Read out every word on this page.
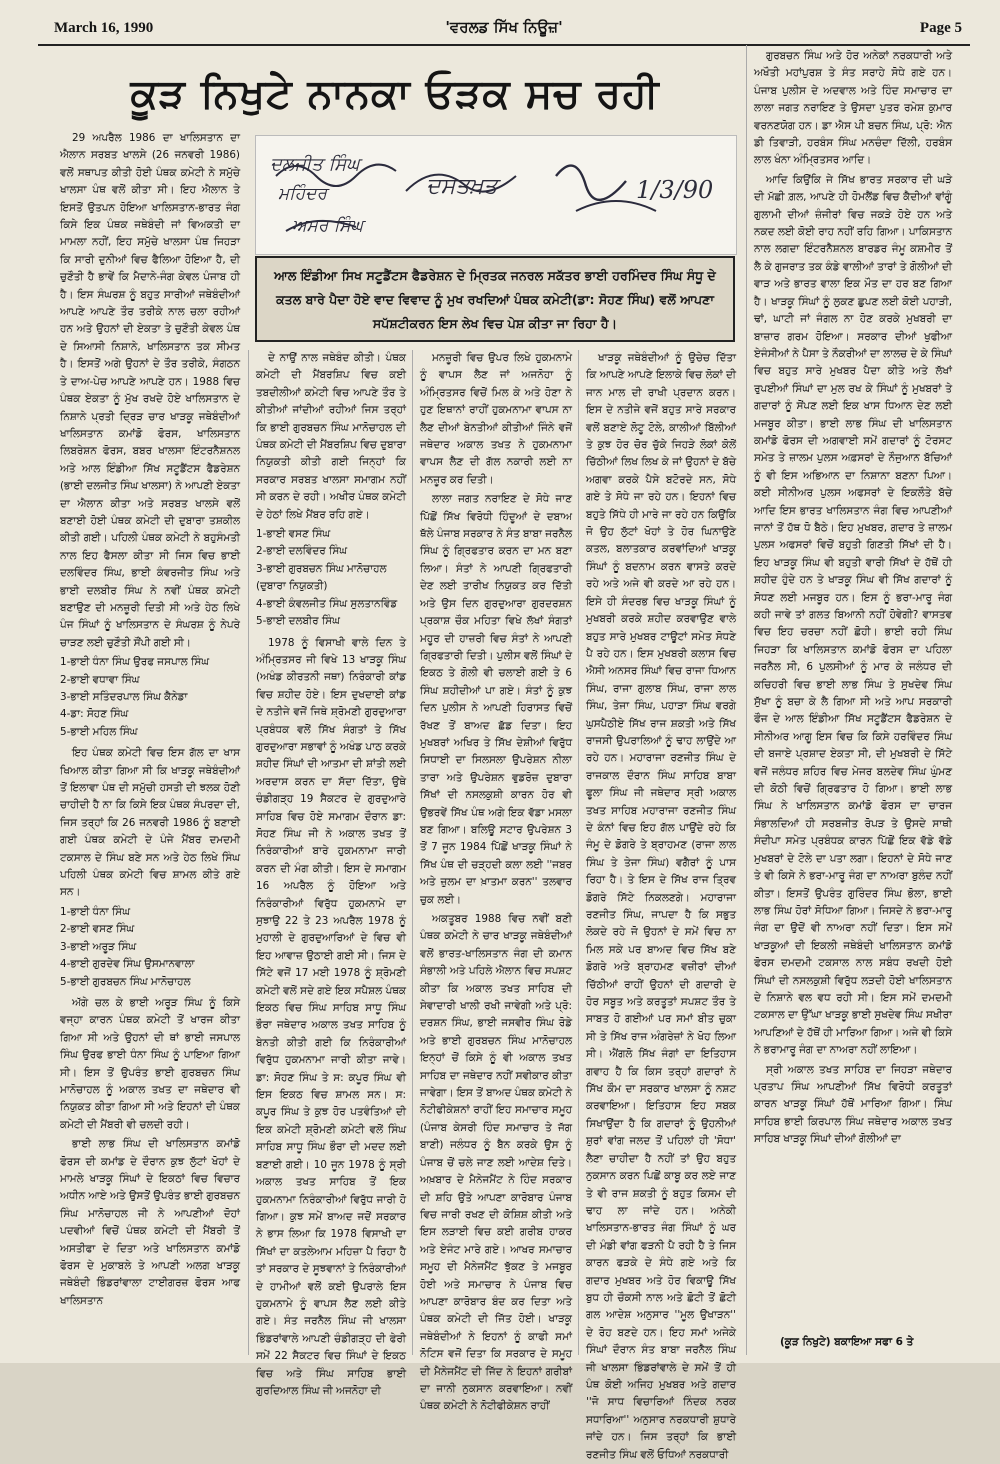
March 16, 1990	'ਵਰਲਡ ਸਿੱਖ ਨਿਊਜ਼'	Page 5
ਕੂੜ ਨਿਖੁਟੇ ਨਾਨਕਾ ਓੜਕ ਸਚ ਰਹੀ
ਦਲਜੀਤ ਸਿੰਘ
ਮਹਿੰਦਰ
ਅਮਰ ਸਿੰਘ
ਦਸਤਖ਼ਤ	1/3/90
ਆਲ ਇੰਡੀਆ ਸਿਖ ਸਟੂਡੈਂਟਸ ਫੈਡਰੇਸ਼ਨ ਦੇ ਮ੍ਰਿਤਕ ਜਨਰਲ ਸਕੱਤਰ ਭਾਈ ਹਰਮਿੰਦਰ ਸਿੰਘ ਸੰਧੂ ਦੇ ਕਤਲ ਬਾਰੇ ਪੈਦਾ ਹੋਏ ਵਾਦ ਵਿਵਾਦ ਨੂੰ ਮੁਖ ਰਖਦਿਆਂ ਪੰਥਕ ਕਮੇਟੀ(ਡਾ: ਸੋਹਣ ਸਿੰਘ) ਵਲੋਂ ਆਪਣਾ ਸਪੱਸ਼ਟੀਕਰਨ ਇਸ ਲੇਖ ਵਿਚ ਪੇਸ਼ ਕੀਤਾ ਜਾ ਰਿਹਾ ਹੈ।

29 ਅਪਰੈਲ 1986 ਦਾ ਖਾਲਿਸਤਾਨ ਦਾ ਐਲਾਨ ਸਰਬਤ ਖਾਲਸੇ (26 ਜਨਵਰੀ 1986) ਵਲੋਂ ਸਥਾਪਤ ਕੀਤੀ ਹੋਈ ਪੰਥਕ ਕਮੇਟੀ ਨੇ ਸਮੁੱਚੇ ਖਾਲਸਾ ਪੰਥ ਵਲੋਂ ਕੀਤਾ ਸੀ। ਇਹ ਐਲਾਨ ਤੇ ਇਸਤੋਂ ਉਤਪਨ ਹੋਇਆ ਖਾਲਿਸਤਾਨ-ਭਾਰਤ ਜੰਗ ਕਿਸੇ ਇਕ ਪੰਥਕ ਜਥੇਬੰਦੀ ਜਾਂ ਵਿਅਕਤੀ ਦਾ ਮਾਮਲਾ ਨਹੀਂ, ਇਹ ਸਮੁੱਚੇ ਖਾਲਸਾ ਪੰਥ ਜਿਹੜਾ ਕਿ ਸਾਰੀ ਦੁਨੀਆਂ ਵਿਚ ਫੈਲਿਆ ਹੋਇਆ ਹੈ, ਦੀ ਚੁਣੌਤੀ ਹੈ ਭਾਵੇਂ ਕਿ ਮੈਦਾਨੇ-ਜੰਗ ਕੇਵਲ ਪੰਜਾਬ ਹੀ ਹੈ। ਇਸ ਸੰਘਰਸ਼ ਨੂੰ ਬਹੁਤ ਸਾਰੀਆਂ ਜਥੇਬੰਦੀਆਂ ਆਪਣੇ ਆਪਣੇ ਤੌਰ ਤਰੀਕੇ ਨਾਲ ਚਲਾ ਰਹੀਆਂ ਹਨ ਅਤੇ ਉਹਨਾਂ ਦੀ ਏਕਤਾ ਤੇ ਚੁਣੌਤੀ ਕੇਵਲ ਪੰਥ ਦੇ ਸਿਆਸੀ ਨਿਸ਼ਾਨੇ, ਖਾਲਿਸਤਾਨ ਤਕ ਸੀਮਤ ਹੈ। ਇਸਤੋਂ ਅਗੇ ਉਹਨਾਂ ਦੇ ਤੌਰ ਤਰੀਕੇ, ਸੰਗਠਨ ਤੇ ਦਾਅ-ਪੇਚ ਆਪਣੇ ਆਪਣੇ ਹਨ। 1988 ਵਿਚ ਪੰਥਕ ਏਕਤਾ ਨੂੰ ਮੁੱਖ ਰਖਦੇ ਹੋਏ ਖਾਲਿਸਤਾਨ ਦੇ ਨਿਸ਼ਾਨੇ ਪ੍ਰਤੀ ਦ੍ਰਿੜ ਚਾਰ ਖਾੜਕੂ ਜਥੇਬੰਦੀਆਂ ਖਾਲਿਸਤਾਨ ਕਮਾਂਡੋ ਫੋਰਸ, ਖਾਲਿਸਤਾਨ ਲਿਬਰੇਸ਼ਨ ਫੋਰਸ, ਬਬਰ ਖਾਲਸਾ ਇੰਟਰਨੈਸ਼ਨਲ ਅਤੇ ਆਲ ਇੰਡੀਆ ਸਿੱਖ ਸਟੂਡੈਂਟਸ ਫੈਡਰੇਸ਼ਨ (ਭਾਈ ਦਲਜੀਤ ਸਿੰਘ ਖਾਲਸਾ) ਨੇ ਆਪਣੀ ਏਕਤਾ ਦਾ ਐਲਾਨ ਕੀਤਾ ਅਤੇ ਸਰਬਤ ਖਾਲਸੇ ਵਲੋਂ ਬਣਾਈ ਹੋਈ ਪੰਥਕ ਕਮੇਟੀ ਦੀ ਦੁਬਾਰਾ ਤਸ਼ਕੀਲ ਕੀਤੀ ਗਈ। ਪਹਿਲੀ ਪੰਥਕ ਕਮੇਟੀ ਨੇ ਬਹੁਸੰਮਤੀ ਨਾਲ ਇਹ ਫੈਸਲਾ ਕੀਤਾ ਸੀ ਜਿਸ ਵਿਚ ਭਾਈ ਦਲਵਿੰਦਰ ਸਿੰਘ, ਭਾਈ ਕੰਵਰਜੀਤ ਸਿੰਘ ਅਤੇ ਭਾਈ ਦਲਬੀਰ ਸਿੰਘ ਨੇ ਨਵੀਂ ਪੰਥਕ ਕਮੇਟੀ ਬਣਾਉਣ ਦੀ ਮਨਜ਼ੂਰੀ ਦਿਤੀ ਸੀ ਅਤੇ ਹੇਠ ਲਿਖੇ ਪੰਜ ਸਿੰਘਾਂ ਨੂੰ ਖਾਲਿਸਤਾਨ ਦੇ ਸੰਘਰਸ਼ ਨੂੰ ਨੇਪਰੇ ਚਾੜਣ ਲਈ ਚੁਣੌਤੀ ਸੌਂਪੀ ਗਈ ਸੀ।

1-ਭਾਈ ਧੰਨਾ ਸਿੰਘ ਉਰਫ ਜਸਪਾਲ ਸਿੰਘ
2-ਭਾਈ ਵਧਾਵਾ ਸਿੰਘ
3-ਭਾਈ ਸਤਿੰਦਰਪਾਲ ਸਿੰਘ ਕੈਨੇਡਾ
4-ਡਾ: ਸੋਹਣ ਸਿੰਘ
5-ਭਾਈ ਮਹਿਲ ਸਿੰਘ

ਇਹ ਪੰਥਕ ਕਮੇਟੀ ਵਿਚ ਇਸ ਗੱਲ ਦਾ ਖਾਸ ਖਿਆਲ ਕੀਤਾ ਗਿਆ ਸੀ ਕਿ ਖਾੜਕੂ ਜਥੇਬੰਦੀਆਂ ਤੋਂ ਇਲਾਵਾ ਪੰਥ ਦੀ ਸਮੁੱਚੀ ਹਸਤੀ ਦੀ ਝਲਕ ਹੋਣੀ ਚਾਹੀਦੀ ਹੈ ਨਾ ਕਿ ਕਿਸੇ ਇਕ ਪੰਥਕ ਸੰਪਰਦਾ ਦੀ, ਜਿਸ ਤਰ੍ਹਾਂ ਕਿ 26 ਜਨਵਰੀ 1986 ਨੂੰ ਬਣਾਈ ਗਈ ਪੰਥਕ ਕਮੇਟੀ ਦੇ ਪੰਜੇ ਮੈਂਬਰ ਦਮਦਮੀ ਟਕਸਾਲ ਦੇ ਸਿੰਘ ਬਣੇ ਸਨ ਅਤੇ ਹੇਠ ਲਿਖੇ ਸਿੰਘ ਪਹਿਲੀ ਪੰਥਕ ਕਮੇਟੀ ਵਿਚ ਸ਼ਾਮਲ ਕੀਤੇ ਗਏ ਸਨ।

1-ਭਾਈ ਧੰਨਾ ਸਿੰਘ
2-ਭਾਈ ਵਸਣ ਸਿੰਘ
3-ਭਾਈ ਅਰੂੜ ਸਿੰਘ
4-ਭਾਈ ਗੁਰਦੇਵ ਸਿੰਘ ਉਸਮਾਨਵਾਲਾ
5-ਭਾਈ ਗੁਰਬਚਨ ਸਿੰਘ ਮਾਨੋਚਾਹਲ

ਅੱਗੇ ਚਲ ਕੇ ਭਾਈ ਅਰੂੜ ਸਿੰਘ ਨੂੰ ਕਿਸੇ ਵਜ੍ਹਾ ਕਾਰਨ ਪੰਥਕ ਕਮੇਟੀ ਤੋਂ ਖਾਰਜ ਕੀਤਾ ਗਿਆ ਸੀ ਅਤੇ ਉਹਨਾਂ ਦੀ ਥਾਂ ਭਾਈ ਜਸਪਾਲ ਸਿੰਘ ਉਰਫ ਭਾਈ ਧੰਨਾ ਸਿੰਘ ਨੂੰ ਪਾਇਆ ਗਿਆ ਸੀ। ਇਸ ਤੋਂ ਉਪਰੰਤ ਭਾਈ ਗੁਰਬਚਨ ਸਿੰਘ ਮਾਨੋਚਾਹਲ ਨੂੰ ਅਕਾਲ ਤਖਤ ਦਾ ਜਥੇਦਾਰ ਵੀ ਨਿਯੁਕਤ ਕੀਤਾ ਗਿਆ ਸੀ ਅਤੇ ਇਹਨਾਂ ਦੀ ਪੰਥਕ ਕਮੇਟੀ ਦੀ ਮੈਂਬਰੀ ਵੀ ਚਲਦੀ ਰਹੀ।

ਭਾਈ ਲਾਭ ਸਿੰਘ ਦੀ ਖਾਲਿਸਤਾਨ ਕਮਾਂਡੋ ਫੋਰਸ ਦੀ ਕਮਾਂਡ ਦੇ ਦੌਰਾਨ ਕੁਝ ਲੁੱਟਾਂ ਖੋਹਾਂ ਦੇ ਮਾਮਲੇ ਖਾੜਕੂ ਸਿੰਘਾਂ ਦੇ ਇਕਠਾਂ ਵਿਚ ਵਿਚਾਰ ਅਧੀਨ ਆਏ ਅਤੇ ਉਸਤੋਂ ਉਪਰੰਤ ਭਾਈ ਗੁਰਬਚਨ ਸਿੰਘ ਮਾਨੋਚਾਹਲ ਜੀ ਨੇ ਆਪਣੀਆਂ ਦੋਹਾਂ ਪਦਵੀਆਂ ਵਿਚੋਂ ਪੰਥਕ ਕਮੇਟੀ ਦੀ ਮੈਂਬਰੀ ਤੋਂ ਅਸਤੀਫਾ ਦੇ ਦਿਤਾ ਅਤੇ ਖਾਲਿਸਤਾਨ ਕਮਾਂਡੋ ਫੋਰਸ ਦੇ ਮੁਕਾਬਲੇ ਤੇ ਆਪਣੀ ਅਲਗ ਖਾੜਕੂ ਜਥੇਬੰਦੀ ਭਿੰਡਰਾਂਵਾਲਾ ਟਾਈਗਰਜ਼ ਫੋਰਸ ਆਫ ਖਾਲਿਸਤਾਨ

ਦੇ ਨਾਉਂ ਨਾਲ ਜਥੇਬੰਦ ਕੀਤੀ। ਪੰਥਕ ਕਮੇਟੀ ਦੀ ਮੈਂਬਰਸ਼ਿਪ ਵਿਚ ਕਈ ਤਬਦੀਲੀਆਂ ਕਮੇਟੀ ਵਿਚ ਆਪਣੇ ਤੌਰ ਤੇ ਕੀਤੀਆਂ ਜਾਂਦੀਆਂ ਰਹੀਆਂ ਜਿਸ ਤਰ੍ਹਾਂ ਕਿ ਭਾਈ ਗੁਰਬਚਨ ਸਿੰਘ ਮਾਨੋਚਾਹਲ ਦੀ ਪੰਥਕ ਕਮੇਟੀ ਦੀ ਮੈਂਬਰਸ਼ਿਪ ਵਿਚ ਦੁਬਾਰਾ ਨਿਯੁਕਤੀ ਕੀਤੀ ਗਈ ਜਿਨ੍ਹਾਂ ਕਿ ਸਰਕਾਰ ਸਰਬਤ ਖਾਲਸਾ ਸਮਾਗਮ ਨਹੀਂ ਸੀ ਕਰਨ ਦੇ ਰਹੀ। ਅਖੀਰ ਪੰਥਕ ਕਮੇਟੀ ਦੇ ਹੇਠਾਂ ਲਿਖੇ ਮੈਂਬਰ ਰਹਿ ਗਏ।

1-ਭਾਈ ਵਸਣ ਸਿੰਘ
2-ਭਾਈ ਦਲਵਿੰਦਰ ਸਿੰਘ
3-ਭਾਈ ਗੁਰਬਚਨ ਸਿੰਘ ਮਾਨੋਚਾਹਲ
(ਦੁਬਾਰਾ ਨਿਯੁਕਤੀ)
4-ਭਾਈ ਕੰਵਲਜੀਤ ਸਿੰਘ ਸੁਲਤਾਨਵਿੰਡ
5-ਭਾਈ ਦਲਬੀਰ ਸਿੰਘ

1978 ਨੂੰ ਵਿਸਾਖੀ ਵਾਲੇ ਦਿਨ ਤੇ ਅੰਮ੍ਰਿਤਸਰ ਜੀ ਵਿਖੇ 13 ਖਾੜਕੂ ਸਿੰਘ (ਅਖੰਡ ਕੀਰਤਨੀ ਜਥਾ) ਨਿਰੰਕਾਰੀ ਕਾਂਡ ਵਿਚ ਸ਼ਹੀਦ ਹੋਏ। ਇਸ ਦੁਖਦਾਈ ਕਾਂਡ ਦੇ ਨਤੀਜੇ ਵਜੋਂ ਜਿਥੇ ਸ਼੍ਰੋਮਣੀ ਗੁਰਦੁਆਰਾ ਪ੍ਰਬੰਧਕ ਵਲੋਂ ਸਿੱਖ ਸੰਗਤਾਂ ਤੇ ਸਿੱਖ ਗੁਰਦੁਆਰਾ ਸਭਾਵਾਂ ਨੂੰ ਅਖੰਡ ਪਾਠ ਕਰਕੇ ਸ਼ਹੀਦ ਸਿੰਘਾਂ ਦੀ ਆਤਮਾ ਦੀ ਸ਼ਾਂਤੀ ਲਈ ਅਰਦਾਸ ਕਰਨ ਦਾ ਸੱਦਾ ਦਿੱਤਾ, ਉਥੇ ਚੰਡੀਗੜ੍ਹ 19 ਸੈਕਟਰ ਦੇ ਗੁਰਦੁਆਰੇ ਸਾਹਿਬ ਵਿਚ ਹੋਏ ਸਮਾਗਮ ਦੌਰਾਨ ਡਾ: ਸੋਹਣ ਸਿੰਘ ਜੀ ਨੇ ਅਕਾਲ ਤਖਤ ਤੋਂ ਨਿਰੰਕਾਰੀਆਂ ਬਾਰੇ ਹੁਕਮਨਾਮਾ ਜਾਰੀ ਕਰਨ ਦੀ ਮੰਗ ਕੀਤੀ। ਇਸ ਦੇ ਸਮਾਗਮ 16 ਅਪਰੈਲ ਨੂੰ ਹੋਇਆ ਅਤੇ ਨਿਰੰਕਾਰੀਆਂ ਵਿਰੁੱਧ ਹੁਕਮਨਾਮੇ ਦਾ ਸੁਝਾਉ 22 ਤੇ 23 ਅਪਰੈਲ 1978 ਨੂੰ ਮੁਹਾਲੀ ਦੇ ਗੁਰਦੁਆਰਿਆਂ ਦੇ ਵਿਚ ਵੀ ਇਹ ਆਵਾਜ਼ ਉਠਾਈ ਗਈ ਸੀ। ਜਿਸ ਦੇ ਸਿੱਟੇ ਵਜੋਂ 17 ਮਈ 1978 ਨੂੰ ਸ਼੍ਰੋਮਣੀ ਕਮੇਟੀ ਵਲੋਂ ਸਦੇ ਗਏ ਇਕ ਸਪੈਸ਼ਲ ਪੰਥਕ ਇਕਠ ਵਿਚ ਸਿੰਘ ਸਾਹਿਬ ਸਾਧੂ ਸਿੰਘ ਭੌਰਾ ਜਥੇਦਾਰ ਅਕਾਲ ਤਖਤ ਸਾਹਿਬ ਨੂੰ ਬੇਨਤੀ ਕੀਤੀ ਗਈ ਕਿ ਨਿਰੰਕਾਰੀਆਂ ਵਿਰੁੱਧ ਹੁਕਮਨਾਮਾ ਜਾਰੀ ਕੀਤਾ ਜਾਵੇ। ਡਾ: ਸੋਹਣ ਸਿੰਘ ਤੇ ਸ: ਕਪੂਰ ਸਿੰਘ ਵੀ ਇਸ ਇਕਠ ਵਿਚ ਸ਼ਾਮਲ ਸਨ। ਸ: ਕਪੂਰ ਸਿੰਘ ਤੇ ਕੁਝ ਹੋਰ ਪਤਵੰਤਿਆਂ ਦੀ ਇਕ ਕਮੇਟੀ ਸ਼੍ਰੋਮਣੀ ਕਮੇਟੀ ਵਲੋਂ ਸਿੰਘ ਸਾਹਿਬ ਸਾਧੂ ਸਿੰਘ ਭੌਰਾ ਦੀ ਮਦਦ ਲਈ ਬਣਾਈ ਗਈ। 10 ਜੂਨ 1978 ਨੂੰ ਸ੍ਰੀ ਅਕਾਲ ਤਖਤ ਸਾਹਿਬ ਤੋਂ ਇਕ ਹੁਕਮਨਾਮਾ ਨਿਰੰਕਾਰੀਆਂ ਵਿਰੁੱਧ ਜਾਰੀ ਹੋ ਗਿਆ। ਕੁਝ ਸਮੇਂ ਬਾਅਦ ਜਦੋਂ ਸਰਕਾਰ ਨੇ ਭਾਸ ਲਿਆ ਕਿ 1978 ਵਿਸਾਖੀ ਦਾ ਸਿੱਖਾਂ ਦਾ ਕਤਲੇਆਮ ਮਹਿਜ਼ਾ ਪੈ ਰਿਹਾ ਹੈ ਤਾਂ ਸਰਕਾਰ ਦੇ ਸੂਝਵਾਨਾਂ ਤੇ ਨਿਰੰਕਾਰੀਆਂ ਦੇ ਹਾਮੀਆਂ ਵਲੋਂ ਕਈ ਉਪਰਾਲੇ ਇਸ ਹੁਕਮਨਾਮੇ ਨੂੰ ਵਾਪਸ ਲੈਣ ਲਈ ਕੀਤੇ ਗਏ। ਸੰਤ ਜਰਨੈਲ ਸਿੰਘ ਜੀ ਖਾਲਸਾ ਭਿੰਡਰਾਂਵਾਲੇ ਆਪਣੀ ਚੰਡੀਗੜ੍ਹ ਦੀ ਫੇਰੀ ਸਮੇਂ 22 ਸੈਕਟਰ ਵਿਚ ਸਿੰਘਾਂ ਦੇ ਇਕਠ ਵਿਚ ਅਤੇ ਸਿੰਘ ਸਾਹਿਬ ਭਾਈ ਗੁਰਦਿਆਲ ਸਿੰਘ ਜੀ ਅਜਨੋਹਾ ਦੀ

ਮਨਜ਼ੂਰੀ ਵਿਚ ਉਪਰ ਲਿਖੇ ਹੁਕਮਨਾਮੇ ਨੂੰ ਵਾਪਸ ਲੈਣ ਜਾਂ ਅਜਨੋਹਾ ਨੂੰ ਅੰਮ੍ਰਿਤਸਰ ਵਿਚੋਂ ਮਿਲ ਕੇ ਅਤੇ ਹੋਣਾ ਨੇ ਹੁਣ ਇਥਾਨਾਂ ਰਾਹੀਂ ਹੁਕਮਨਾਮਾ ਵਾਪਸ ਨਾ ਲੈਣ ਦੀਆਂ ਬੇਨਤੀਆਂ ਕੀਤੀਆਂ ਜਿੰਨੇ ਵਜੋਂ ਜਥੇਦਾਰ ਅਕਾਲ ਤਖਤ ਨੇ ਹੁਕਮਨਾਮਾ ਵਾਪਸ ਲੈਣ ਦੀ ਗੱਲ ਨਕਾਰੀ ਲਈ ਨਾ ਮਨਜ਼ੂਰ ਕਰ ਦਿਤੀ।

ਲਾਲਾ ਜਗਤ ਨਰਾਇਣ ਦੇ ਸੋਧੇ ਜਾਣ ਪਿੱਛੋਂ ਸਿੱਖ ਵਿਰੋਧੀ ਹਿੰਦੂਆਂ ਦੇ ਦਬਾਅ ਥੱਲੇ ਪੰਜਾਬ ਸਰਕਾਰ ਨੇ ਸੰਤ ਬਾਬਾ ਜਰਨੈਲ ਸਿੰਘ ਨੂੰ ਗ੍ਰਿਫਤਾਰ ਕਰਨ ਦਾ ਮਨ ਬਣਾ ਲਿਆ। ਸੰਤਾਂ ਨੇ ਆਪਣੀ ਗ੍ਰਿਫਤਾਰੀ ਦੇਣ ਲਈ ਤਾਰੀਖ ਨਿਯੁਕਤ ਕਰ ਦਿੱਤੀ ਅਤੇ ਉਸ ਦਿਨ ਗੁਰਦੁਆਰਾ ਗੁਰਦਰਸ਼ਨ ਪ੍ਰਕਾਸ਼ ਚੌਕ ਮਹਿਤਾ ਵਿਖੇ ਲੱਖਾਂ ਸੰਗਤਾਂ ਮਹੂਰ ਦੀ ਹਾਜ਼ਰੀ ਵਿਚ ਸੰਤਾਂ ਨੇ ਆਪਣੀ ਗ੍ਰਿਫਤਾਰੀ ਦਿਤੀ। ਪੁਲੀਸ ਵਲੋਂ ਸਿੰਘਾਂ ਦੇ ਇਕਠ ਤੇ ਗੋਲੀ ਵੀ ਚਲਾਈ ਗਈ ਤੇ 6 ਸਿੰਘ ਸ਼ਹੀਦੀਆਂ ਪਾ ਗਏ। ਸੰਤਾਂ ਨੂੰ ਕੁਝ ਦਿਨ ਪੁਲੀਸ ਨੇ ਆਪਣੀ ਹਿਰਾਸਤ ਵਿਚੋਂ ਰੱਖਣ ਤੋਂ ਬਾਅਦ ਛੱਡ ਦਿਤਾ। ਇਹ ਮੁਖਬਰਾਂ ਅਖਿਰ ਤੇ ਸਿੱਖ ਦੇਸ਼ੀਆਂ ਵਿਰੁੱਧ ਸਿਧਾਈ ਦਾ ਸਿਲਸਲਾ ਉਪਰੇਸ਼ਨ ਨੀਲਾ ਤਾਰਾ ਅਤੇ ਉਪਰੇਸ਼ਨ ਵੁਡਰੋਜ਼ ਦੁਬਾਰਾ ਸਿੱਖਾਂ ਦੀ ਨਸਲਕੁਸ਼ੀ ਕਾਰਨ ਹੋਰ ਵੀ ਉਭਰਵੇਂ ਸਿੱਖ ਪੰਥ ਅਗੇ ਇਕ ਵੱਡਾ ਮਸਲਾ ਬਣ ਗਿਆ। ਬਲਿਊ ਸਟਾਰ ਉਪਰੇਸ਼ਨ 3 ਤੋਂ 7 ਜੂਨ 1984 ਪਿੱਛੋਂ ਖਾੜਕੂ ਸਿੰਘਾਂ ਨੇ ਸਿੱਖ ਪੰਥ ਦੀ ਚੜ੍ਹਦੀ ਕਲਾ ਲਈ ''ਜਬਰ ਅਤੇ ਜ਼ੁਲਮ ਦਾ ਖ਼ਾਤਮਾ ਕਰਨ'' ਤਲਵਾਰ ਚੁਕ ਲਈ।

ਅਕਤੂਬਰ 1988 ਵਿਚ ਨਵੀਂ ਬਣੀ ਪੰਥਕ ਕਮੇਟੀ ਨੇ ਚਾਰ ਖਾੜਕੂ ਜਥੇਬੰਦੀਆਂ ਵਲੋਂ ਭਾਰਤ-ਖਾਲਿਸਤਾਨ ਜੰਗ ਦੀ ਕਮਾਨ ਸੰਭਾਲੀ ਅਤੇ ਪਹਿਲੇ ਐਲਾਨ ਵਿਚ ਸਪਸ਼ਟ ਕੀਤਾ ਕਿ ਅਕਾਲ ਤਖਤ ਸਾਹਿਬ ਦੀ ਸੇਵਾਦਾਰੀ ਖਾਲੀ ਰਖੀ ਜਾਵੇਗੀ ਅਤੇ ਪ੍ਰੋ: ਦਰਸ਼ਨ ਸਿੰਘ, ਭਾਈ ਜਸਵੀਰ ਸਿੰਘ ਰੋਡੇ ਅਤੇ ਭਾਈ ਗੁਰਬਚਨ ਸਿੰਘ ਮਾਨੋਚਾਹਲ ਇਨ੍ਹਾਂ ਚੋਂ ਕਿਸੇ ਨੂੰ ਵੀ ਅਕਾਲ ਤਖਤ ਸਾਹਿਬ ਦਾ ਜਥੇਦਾਰ ਨਹੀਂ ਸਵੀਕਾਰ ਕੀਤਾ ਜਾਵੇਗਾ। ਇਸ ਤੋਂ ਬਾਅਦ ਪੰਥਕ ਕਮੇਟੀ ਨੇ ਨੋਟੀਫੀਕੇਸ਼ਨਾਂ ਰਾਹੀਂ ਇਹ ਸਮਾਚਾਰ ਸਮੂਹ (ਪੰਜਾਬ ਕੇਸਰੀ ਹਿੰਦ ਸਮਾਚਾਰ ਤੇ ਜੱਗ ਬਾਣੀ) ਜਲੰਧਰ ਨੂੰ ਬੈਨ ਕਰਕੇ ਉਸ ਨੂੰ ਪੰਜਾਬ ਚੋਂ ਚਲੇ ਜਾਣ ਲਈ ਆਦੇਸ਼ ਦਿਤੇ। ਅਖ਼ਬਾਰ ਦੇ ਮੈਨੇਜਮੈਂਟ ਨੇ ਹਿੰਦ ਸਰਕਾਰ ਦੀ ਸ਼ਹਿ ਉਤੇ ਆਪਣਾ ਕਾਰੋਬਾਰ ਪੰਜਾਬ ਵਿਚ ਜਾਰੀ ਰਖਣ ਦੀ ਕੋਸ਼ਿਸ਼ ਕੀਤੀ ਅਤੇ ਇਸ ਲੜਾਈ ਵਿਚ ਕਈ ਗਰੀਬ ਹਾਕਰ ਅਤੇ ਏਜੰਟ ਮਾਰੇ ਗਏ। ਆਖਰ ਸਮਾਚਾਰ ਸਮੂਹ ਦੀ ਮੈਨੇਜਮੈਂਟ ਝੁੱਕਣ ਤੇ ਮਜਬੂਰ ਹੋਈ ਅਤੇ ਸਮਾਚਾਰ ਨੇ ਪੰਜਾਬ ਵਿਚ ਆਪਣਾ ਕਾਰੋਬਾਰ ਬੰਦ ਕਰ ਦਿਤਾ ਅਤੇ ਪੰਥਕ ਕਮੇਟੀ ਦੀ ਜਿੱਤ ਹੋਈ। ਖਾੜਕੂ ਜਥੇਬੰਦੀਆਂ ਨੇ ਇਹਨਾਂ ਨੂੰ ਕਾਫੀ ਸਮਾਂ ਨੋਟਿਸ ਵਜੋਂ ਦਿਤਾ ਕਿ ਸਰਕਾਰ ਦੇ ਸਮੂਹ ਦੀ ਮੈਨੇਜਮੈਂਟ ਦੀ ਜਿੱਦ ਨੇ ਇਹਨਾਂ ਗਰੀਬਾਂ ਦਾ ਜਾਨੀ ਨੁਕਸਾਨ ਕਰਵਾਇਆ। ਨਵੀਂ ਪੰਥਕ ਕਮੇਟੀ ਨੇ ਨੋਟੀਫੀਕੇਸ਼ਨ ਰਾਹੀਂ

ਖਾੜਕੂ ਜਥੇਬੰਦੀਆਂ ਨੂੰ ਉਚੇਚ ਦਿੱਤਾ ਕਿ ਆਪਣੇ ਆਪਣੇ ਇਲਾਕੇ ਵਿਚ ਲੋਕਾਂ ਦੀ ਜਾਨ ਮਾਲ ਦੀ ਰਾਖੀ ਪ੍ਰਦਾਨ ਕਰਨ। ਇਸ ਦੇ ਨਤੀਜੇ ਵਜੋਂ ਬਹੁਤ ਸਾਰੇ ਸਰਕਾਰ ਵਲੋਂ ਬਣਾਏ ਲੋਟੂ ਟੋਲੇ, ਕਾਲੀਆਂ ਬਿੱਲੀਆਂ ਤੇ ਕੁਝ ਹੋਰ ਚੋਰ ਚੁੱਕੇ ਜਿਹੜੇ ਲੋਕਾਂ ਕੋਲੋਂ ਚਿੱਠੀਆਂ ਲਿਖ ਲਿਖ ਕੇ ਜਾਂ ਉਹਨਾਂ ਦੇ ਬੱਚੇ ਅਗਵਾ ਕਰਕੇ ਪੈਸੇ ਬਟੋਰਦੇ ਸਨ, ਸੋਧੇ ਗਏ ਤੇ ਸੋਧੇ ਜਾ ਰਹੇ ਹਨ। ਇਹਨਾਂ ਵਿਚ ਬਹੁਤੇ ਸਿੱਧੇ ਹੀ ਮਾਰੇ ਜਾ ਰਹੇ ਹਨ ਕਿਉਂਕਿ ਜੋ ਉਹ ਲੁੱਟਾਂ ਖੋਹਾਂ ਤੇ ਹੋਰ ਘਿਨਾਉਣੇ ਕਤਲ, ਬਲਾਤਕਾਰ ਕਰਵਾਂਦਿਆਂ ਖਾੜਕੂ ਸਿੰਘਾਂ ਨੂੰ ਬਦਨਾਮ ਕਰਨ ਵਾਸਤੇ ਕਰਦੇ ਰਹੇ ਅਤੇ ਅਜੇ ਵੀ ਕਰਦੇ ਆ ਰਹੇ ਹਨ। ਇਸੇ ਹੀ ਸੰਦਰਭ ਵਿਚ ਖਾੜਕੂ ਸਿੰਘਾਂ ਨੂੰ ਮੁਖਬਰੀ ਕਰਕੇ ਸ਼ਹੀਦ ਕਰਵਾਉਣ ਵਾਲੇ ਬਹੁਤ ਸਾਰੇ ਮੁਖਬਰ ਟਾਊਟਾਂ ਸਮੇਤ ਸੋਧਣੇ ਪੈ ਰਹੇ ਹਨ। ਇਸ ਮੁਖਬਰੀ ਕਲਾਸ ਵਿਚ ਐਸੀ ਅਨਸਰ ਸਿੰਘਾਂ ਵਿਚ ਰਾਜਾ ਧਿਆਨ ਸਿੰਘ, ਰਾਜਾ ਗੁਲਾਬ ਸਿੰਘ, ਰਾਜਾ ਲਾਲ ਸਿੰਘ, ਤੇਜਾ ਸਿੰਘ, ਪਹਾੜਾ ਸਿੰਘ ਵਰਗੇ ਘੁਸਪੈਠੀਏ ਸਿੱਖ ਰਾਜ ਸ਼ਕਤੀ ਅਤੇ ਸਿੱਖ ਰਾਜਸੀ ਉਪਰਾਲਿਆਂ ਨੂੰ ਢਾਹ ਲਾਉਂਦੇ ਆ ਰਹੇ ਹਨ। ਮਹਾਰਾਜਾ ਰਣਜੀਤ ਸਿੰਘ ਦੇ ਰਾਜਕਾਲ ਦੌਰਾਨ ਸਿੰਘ ਸਾਹਿਬ ਬਾਬਾ ਫੂਲਾ ਸਿੰਘ ਜੀ ਜਥੇਦਾਰ ਸ੍ਰੀ ਅਕਾਲ ਤਖਤ ਸਾਹਿਬ ਮਹਾਰਾਜਾ ਰਣਜੀਤ ਸਿੰਘ ਦੇ ਕੰਨਾਂ ਵਿਚ ਇਹ ਗੱਲ ਪਾਉਂਦੇ ਰਹੇ ਕਿ ਜੰਮੂ ਦੇ ਡੋਗਰੇ ਤੇ ਬ੍ਰਾਹਮਣ (ਰਾਜਾ ਲਾਲ ਸਿੰਘ ਤੇ ਤੇਜਾ ਸਿੰਘ) ਵਗੈਰਾਂ ਨੂੰ ਪਾਸ ਰਿਹਾ ਹੈ। ਤੇ ਇਸ ਦੇ ਸਿੱਖ ਰਾਜ ਤ੍ਰਿਵ ਡੋਗਰੇ ਸਿੱਟੇ ਨਿਕਲਣਗੇ। ਮਹਾਰਾਜਾ ਰਣਜੀਤ ਸਿੰਘ, ਜਾਪਦਾ ਹੈ ਕਿ ਸਭੁਤ ਲੋਕਦੇ ਰਹੇ ਜੋ ਉਹਨਾਂ ਦੇ ਸਮੇਂ ਵਿਚ ਨਾ ਮਿਲ ਸਕੇ ਪਰ ਬਾਅਦ ਵਿਚ ਸਿੱਖ ਬਣੇ ਡੋਗਰੇ ਅਤੇ ਬ੍ਰਾਹਮਣ ਵਜ਼ੀਰਾਂ ਦੀਆਂ ਚਿੱਠੀਆਂ ਰਾਹੀਂ ਉਹਨਾਂ ਦੀ ਗਦਾਰੀ ਦੇ ਹੋਰ ਸਬੂਤ ਅਤੇ ਕਰਤੂਤਾਂ ਸਪਸ਼ਟ ਤੌਰ ਤੇ ਸਾਬਤ ਹੋ ਗਈਆਂ ਪਰ ਸਮਾਂ ਬੀਤ ਚੁਕਾ ਸੀ ਤੇ ਸਿੱਖ ਰਾਜ ਅੰਗਰੇਜ਼ਾਂ ਨੇ ਖੋਹ ਲਿਆ ਸੀ। ਐਂਗਲੋ ਸਿੱਖ ਜੰਗਾਂ ਦਾ ਇਤਿਹਾਸ ਗਵਾਹ ਹੈ ਕਿ ਕਿਸ ਤਰ੍ਹਾਂ ਗਦਾਰਾਂ ਨੇ ਸਿੱਖ ਕੌਮ ਦਾ ਸਰਕਾਰ ਖਾਲਸਾ ਨੂੰ ਨਸ਼ਟ ਕਰਵਾਇਆ। ਇਤਿਹਾਸ ਇਹ ਸਬਕ ਸਿਖਾਉਂਦਾ ਹੈ ਕਿ ਗਦਾਰਾਂ ਨੂੰ ਉਹਨੀਆਂ ਸ਼ੁਰਾਂ ਵਾਂਗ ਜਲਦ ਤੋਂ ਪਹਿਲਾਂ ਹੀ 'ਸੋਧਾ' ਲੈਣਾ ਚਾਹੀਦਾ ਹੈ ਨਹੀਂ ਤਾਂ ਉਹ ਬਹੁਤ ਨੁਕਸਾਨ ਕਰਨ ਪਿਛੋਂ ਕਾਬੂ ਕਰ ਲਏ ਜਾਣ ਤੇ ਵੀ ਰਾਜ ਸ਼ਕਤੀ ਨੂੰ ਬਹੁਤ ਕਿਸਮ ਦੀ ਢਾਹ ਲਾ ਜਾਂਦੇ ਹਨ। ਅਨੇਕੀ ਖਾਲਿਸਤਾਨ-ਭਾਰਤ ਜੰਗ ਸਿੰਘਾਂ ਨੂੰ ਘਰ ਦੀ ਮੰਡੀ ਵਾਂਗ ਫੜਨੀ ਪੈ ਰਹੀ ਹੈ ਤੇ ਜਿਸ ਕਾਰਨ ਫੜਕੇ ਦੇ ਸੰਧੇ ਗਏ ਅਤੇ ਕਿ ਗਦਾਰ ਮੁਖਬਰ ਅਤੇ ਹੋਰ ਵਿਕਾਊ ਸਿੱਖ ਬੁਧ ਹੀ ਚੌਕਸੀ ਨਾਲ ਅਤੇ ਛੋਟੀ ਤੋਂ ਛੋਟੀ ਗਲ ਆਦੇਸ਼ ਅਨੁਸਾਰ ''ਮੂਲ ਉਖਾੜਨ'' ਦੇ ਰੋਹ ਬਣਦੇ ਹਨ। ਇਹ ਸਮਾਂ ਅਜੇਕੇ ਸਿੰਘਾਂ ਦੌਰਾਨ ਸੰਤ ਬਾਬਾ ਜਰਨੈਲ ਸਿੰਘ ਜੀ ਖਾਲਸਾ ਭਿੰਡਰਾਂਵਾਲੇ ਦੇ ਸਮੇਂ ਤੋਂ ਹੀ ਪੰਥ ਕੋਈ ਅਜਿਹ ਮੁਖਬਰ ਅਤੇ ਗਦਾਰ ''ਜੋ ਸਾਧ ਵਿਚਾਰਿਆਂ ਨਿੰਦਕ ਨਰਕ ਸਧਾਰਿਆ'' ਅਨੁਸਾਰ ਨਰਕਧਾਰੀ ਸ਼ੁਧਾਰੇ ਜਾਂਦੇ ਹਨ। ਜਿਸ ਤਰ੍ਹਾਂ ਕਿ ਭਾਈ ਰਣਜੀਤ ਸਿੰਘ ਵਲੋਂ ਓਧਿਆਂ ਨਰਕਧਾਰੀ

ਗੁਰਬਚਨ ਸਿੰਘ ਅਤੇ ਹੋਰ ਅਨੇਕਾਂ ਨਰਕਧਾਰੀ ਅਤੇ ਅਖੌਤੀ ਮਹਾਂਪੁਰਸ਼ ਤੇ ਸੰਤ ਸਰਾਹੇ ਸੋਧੇ ਗਏ ਹਨ। ਪੰਜਾਬ ਪੁਲੀਸ ਦੇ ਅਦਵਾਲ ਅਤੇ ਹਿੰਦ ਸਮਾਚਾਰ ਦਾ ਲਾਲਾ ਜਗਤ ਨਰਾਇਣ ਤੇ ਉਸਦਾ ਪੁਤਰ ਰਮੇਸ਼ ਕੁਮਾਰ ਵਰਨਣਯੋਗ ਹਨ। ਡਾ ਐਸ ਪੀ ਬਚਨ ਸਿੰਘ, ਪ੍ਰੋ: ਐਨ ਡੀ ਤਿਵਾੜੀ, ਹਰਬੰਸ ਸਿੰਘ ਮਨਚੰਦਾ ਦਿੱਲੀ, ਹਰਬੰਸ ਲਾਲ ਖੰਨਾ ਅੰਮ੍ਰਿਤਸਰ ਆਦਿ।

ਆਦਿ ਕਿਉਂਕਿ ਜੇ ਸਿੱਖ ਭਾਰਤ ਸਰਕਾਰ ਦੀ ਘੜੇ ਦੀ ਮੱਛੀ ਗ਼ਲ, ਆਪਣੇ ਹੀ ਹੋਮਲੈਂਡ ਵਿਚ ਕੈਦੀਆਂ ਵਾਂਗੂੰ ਗੁਲਾਮੀ ਦੀਆਂ ਜ਼ੰਜੀਰਾਂ ਵਿਚ ਜਕੜੇ ਹੋਏ ਹਨ ਅਤੇ ਨਕਦ ਲਈ ਕੋਈ ਰਾਹ ਨਹੀਂ ਰਹਿ ਗਿਆ। ਪਾਕਿਸਤਾਨ ਨਾਲ ਲਗਦਾ ਇੰਟਰਨੈਸ਼ਨਲ ਬਾਰਡਰ ਜੰਮੂ ਕਸ਼ਮੀਰ ਤੋਂ ਲੈ ਕੇ ਗੁਜਰਾਤ ਤਕ ਕੰਡੇ ਵਾਲੀਆਂ ਤਾਰਾਂ ਤੇ ਗੋਲੀਆਂ ਦੀ ਵਾੜ ਅਤੇ ਭਾਰਤ ਵਾਲਾ ਇਕ ਮੌਤ ਦਾ ਹਰ ਬਣ ਗਿਆ ਹੈ। ਖਾੜਕੂ ਸਿੰਘਾਂ ਨੂੰ ਲੁਕਣ ਛੁਪਣ ਲਈ ਕੋਈ ਪਹਾੜੀ, ਢਾਂ, ਘਾਟੀ ਜਾਂ ਜੰਗਲ ਨਾ ਹੋਣ ਕਰਕੇ ਮੁਖਬਰੀ ਦਾ ਬਾਜ਼ਾਰ ਗਰਮ ਹੋਇਆ। ਸਰਕਾਰ ਦੀਆਂ ਖੁਫੀਆ ਏਜੰਸੀਆਂ ਨੇ ਪੈਸਾ ਤੇ ਨੌਕਰੀਆਂ ਦਾ ਲਾਲਚ ਦੇ ਕੇ ਸਿੰਘਾਂ ਵਿਚ ਬਹੁਤ ਸਾਰੇ ਮੁਖਬਰ ਪੈਦਾ ਕੀਤੇ ਅਤੇ ਲੱਖਾਂ ਰੁਪਈਆਂ ਸਿੰਘਾਂ ਦਾ ਮੁਲ ਰਖ ਕੇ ਸਿੰਘਾਂ ਨੂੰ ਮੁਖਬਰਾਂ ਤੇ ਗਦਾਰਾਂ ਨੂੰ ਸੋਂਪਣ ਲਈ ਇਕ ਖਾਸ ਧਿਆਨ ਦੇਣ ਲਈ ਮਜਬੂਰ ਕੀਤਾ। ਭਾਈ ਲਾਭ ਸਿੰਘ ਦੀ ਖਾਲਿਸਤਾਨ ਕਮਾਂਡੋ ਫੋਰਸ ਦੀ ਅਗਵਾਈ ਸਮੇਂ ਗਦਾਰਾਂ ਨੂੰ ਟੋਰਸਟ ਸਮੇਤ ਤੇ ਜ਼ਾਲਮ ਪੁਲਸ ਅਫ਼ਸਰਾਂ ਦੇ ਨੌਜੁਆਨ ਬੱਚਿਆਂ ਨੂੰ ਵੀ ਇਸ ਅਭਿਆਨ ਦਾ ਨਿਸ਼ਾਨਾ ਬਣਨਾ ਪਿਆ। ਕਈ ਸੀਨੀਅਰ ਪੁਲਸ ਅਫਸਰਾਂ ਦੇ ਇਕਲੌਤੇ ਬੱਚੇ ਆਦਿ ਇਸ ਭਾਰਤ ਖਾਲਿਸਤਾਨ ਜੰਗ ਵਿਚ ਆਪਣੀਆਂ ਜਾਨਾਂ ਤੋਂ ਹੱਥ ਧੋ ਬੈਠੇ। ਇਹ ਮੁਖਬਰ, ਗਦਾਰ ਤੇ ਜ਼ਾਲਮ ਪੁਲਸ ਅਫਸਰਾਂ ਵਿਚੋਂ ਬਹੁਤੀ ਗਿਣਤੀ ਸਿੱਖਾਂ ਦੀ ਹੈ। ਇਹ ਖਾੜਕੂ ਸਿੰਘ ਵੀ ਬਹੁਤੀ ਵਾਰੀ ਸਿੱਖਾਂ ਦੇ ਹੱਥੋਂ ਹੀ ਸ਼ਹੀਦ ਹੁੰਦੇ ਹਨ ਤੇ ਖਾੜਕੂ ਸਿੰਘ ਵੀ ਸਿੱਖ ਗਦਾਰਾਂ ਨੂੰ ਸੋਧਣ ਲਈ ਮਜਬੂਰ ਹਨ। ਇਸ ਨੂੰ ਭਰਾ-ਮਾਰੂ ਜੰਗ ਕਹੀ ਜਾਵੇ ਤਾਂ ਗਲਤ ਬਿਆਨੀ ਨਹੀਂ ਹੋਵੇਗੀ? ਵਾਸਤਵ ਵਿਚ ਇਹ ਚਰਚਾ ਨਹੀਂ ਛੋਹੀ। ਭਾਈ ਰਹੀ ਸਿੰਘ ਜਿਹੜਾ ਕਿ ਖਾਲਿਸਤਾਨ ਕਮਾਂਡੋ ਫੋਰਸ ਦਾ ਪਹਿਲਾ ਜਰਨੈਲ ਸੀ, 6 ਪੁਲਸੀਆਂ ਨੂੰ ਮਾਰ ਕੇ ਜਲੰਧਰ ਦੀ ਕਚਿਹਰੀ ਵਿਚ ਭਾਈ ਲਾਭ ਸਿੰਘ ਤੇ ਸੁਖਦੇਵ ਸਿੰਘ ਸੁੱਖਾ ਨੂੰ ਬਚਾ ਕੇ ਲੈ ਗਿਆ ਸੀ ਅਤੇ ਆਪ ਸਰਕਾਰੀ ਫੌਜ ਦੇ ਆਲ ਇੰਡੀਆ ਸਿੱਖ ਸਟੂਡੈਂਟਸ ਫੈਡਰੇਸ਼ਨ ਦੇ ਸੀਨੀਅਰ ਆਗੂ ਇਸ ਵਿਚ ਕਿ ਕਿਸੇ ਹਰਵਿੰਦਰ ਸਿੰਘ ਦੀ ਬਜਾਏ ਪ੍ਰਸ਼ਾਦ ਏਕਤਾ ਸੀ, ਦੀ ਮੁਖਬਰੀ ਦੇ ਸਿੱਟੇ ਵਜੋਂ ਜਲੰਧਰ ਸ਼ਹਿਰ ਵਿਚ ਮੇਜਰ ਬਲਦੇਵ ਸਿੰਘ ਘੁੰਮਣ ਦੀ ਕੋਠੀ ਵਿਚੋਂ ਗ੍ਰਿਫਤਾਰ ਹੋ ਗਿਆ। ਭਾਈ ਲਾਭ ਸਿੰਘ ਨੇ ਖਾਲਿਸਤਾਨ ਕਮਾਂਡੋ ਫੋਰਸ ਦਾ ਚਾਰਜ ਸੰਭਾਲਦਿਆਂ ਹੀ ਸਰਬਜੀਤ ਰੋਪੜ ਤੇ ਉਸਦੇ ਸਾਥੀ ਸੰਦੀਪਾ ਸਮੇਤ ਪ੍ਰਬੰਧਕ ਕਾਰਨ ਪਿੱਛੋਂ ਇਕ ਵੱਡੇ ਵੱਡੇ ਮੁਖਬਰਾਂ ਦੇ ਟੋਲੇ ਦਾ ਪਤਾ ਲਗਾ। ਇਹਨਾਂ ਦੇ ਸੋਧੇ ਜਾਣ ਤੇ ਵੀ ਕਿਸੇ ਨੇ ਭਰਾ-ਮਾਰੂ ਜੰਗ ਦਾ ਨਾਅਰਾ ਬੁਲੰਦ ਨਹੀਂ ਕੀਤਾ। ਇਸਤੋਂ ਉਪਰੰਤ ਗੁਰਿੰਦਰ ਸਿੰਘ ਭੋਲਾ, ਭਾਈ ਲਾਭ ਸਿੰਘ ਹੋਰਾਂ ਸੋਧਿਆ ਗਿਆ। ਜਿਸਦੇ ਨੇ ਭਰਾ-ਮਾਰੂ ਜੰਗ ਦਾ ਉਦੋਂ ਵੀ ਨਾਅਰਾ ਨਹੀਂ ਦਿਤਾ। ਇਸ ਸਮੇਂ ਖਾੜਕੂਆਂ ਦੀ ਇਕਲੀ ਜਥੇਬੰਦੀ ਖਾਲਿਸਤਾਨ ਕਮਾਂਡੋ ਫੋਰਸ ਦਮਦਮੀ ਟਕਸਾਲ ਨਾਲ ਸਬੰਧ ਰਖਦੀ ਹੋਈ ਸਿੰਘਾਂ ਦੀ ਨਸਲਕੁਸ਼ੀ ਵਿਰੁੱਧ ਲੜਦੀ ਹੋਈ ਖਾਲਿਸਤਾਨ ਦੇ ਨਿਸ਼ਾਨੇ ਵਲ ਵਧ ਰਹੀ ਸੀ। ਇਸ ਸਮੇਂ ਦਮਦਮੀ ਟਕਸਾਲ ਦਾ ਉੱਘਾ ਖਾੜਕੂ ਭਾਈ ਸੁਖਦੇਵ ਸਿੰਘ ਸਖੀਰਾ ਆਪਣਿਆਂ ਦੇ ਹੱਥੋਂ ਹੀ ਮਾਰਿਆ ਗਿਆ। ਅਜੇ ਵੀ ਕਿਸੇ ਨੇ ਭਰਾਮਾਰੂ ਜੰਗ ਦਾ ਨਾਅਰਾ ਨਹੀਂ ਲਾਇਆ।

ਸ੍ਰੀ ਅਕਾਲ ਤਖਤ ਸਾਹਿਬ ਦਾ ਜਿਹੜਾ ਜਥੇਦਾਰ ਪ੍ਰਤਾਪ ਸਿੰਘ ਆਪਣੀਆਂ ਸਿੱਖ ਵਿਰੋਧੀ ਕਰਤੂਤਾਂ ਕਾਰਨ ਖਾੜਕੂ ਸਿੰਘਾਂ ਹੱਥੋਂ ਮਾਰਿਆ ਗਿਆ। ਸਿੰਘ ਸਾਹਿਬ ਭਾਈ ਕਿਰਪਾਲ ਸਿੰਘ ਜਥੇਦਾਰ ਅਕਾਲ ਤਖਤ ਸਾਹਿਬ ਖਾੜਕੂ ਸਿੰਘਾਂ ਦੀਆਂ ਗੋਲੀਆਂ ਦਾ

(ਕੂੜ ਨਿਖੁਟੇ) ਬਕਾਇਆ ਸਫਾ 6 ਤੇ
